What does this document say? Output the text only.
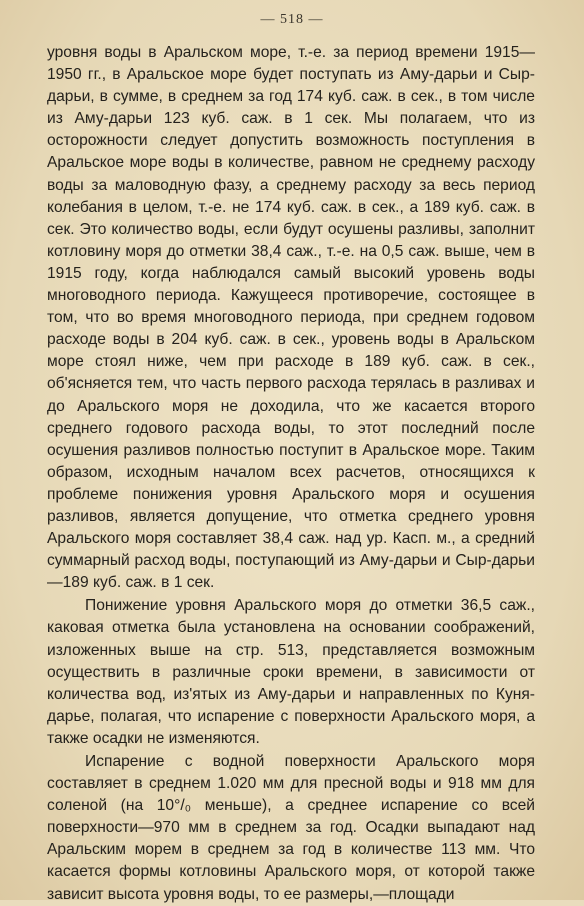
— 518 —

уровня воды в Аральском море, т.-е. за период времени 1915—1950 гг., в Аральское море будет поступать из Аму-дарьи и Сыр-дарьи, в сумме, в среднем за год 174 куб. саж. в сек., в том числе из Аму-дарьи 123 куб. саж. в 1 сек. Мы полагаем, что из осторожности следует допустить возможность поступления в Аральское море воды в количестве, равном не среднему расходу воды за маловодную фазу, а среднему расходу за весь период колебания в целом, т.-е. не 174 куб. саж. в сек., а 189 куб. саж. в сек. Это количество воды, если будут осушены разливы, заполнит котловину моря до отметки 38,4 саж., т.-е. на 0,5 саж. выше, чем в 1915 году, когда наблюдался самый высокий уровень воды многоводного периода. Кажущееся противоречие, состоящее в том, что во время многоводного периода, при среднем годовом расходе воды в 204 куб. саж. в сек., уровень воды в Аральском море стоял ниже, чем при расходе в 189 куб. саж. в сек., об'ясняется тем, что часть первого расхода терялась в разливах и до Аральского моря не доходила, что же касается второго среднего годового расхода воды, то этот последний после осушения разливов полностью поступит в Аральское море. Таким образом, исходным началом всех расчетов, относящихся к проблеме понижения уровня Аральского моря и осушения разливов, является допущение, что отметка среднего уровня Аральского моря составляет 38,4 саж. над ур. Касп. м., а средний суммарный расход воды, поступающий из Аму-дарьи и Сыр-дарьи—189 куб. саж. в 1 сек.

Понижение уровня Аральского моря до отметки 36,5 саж., каковая отметка была установлена на основании соображений, изложенных выше на стр. 513, представляется возможным осуществить в различные сроки времени, в зависимости от количества вод, из'ятых из Аму-дарьи и направленных по Куня-дарье, полагая, что испарение с поверхности Аральского моря, а также осадки не изменяются.

Испарение с водной поверхности Аральского моря составляет в среднем 1.020 мм для пресной воды и 918 мм для соленой (на 10°/₀ меньше), а среднее испарение со всей поверхности—970 мм в среднем за год. Осадки выпадают над Аральским морем в среднем за год в количестве 113 мм. Что касается формы котловины Аральского моря, от которой также зависит высота уровня воды, то ее размеры,—площади
